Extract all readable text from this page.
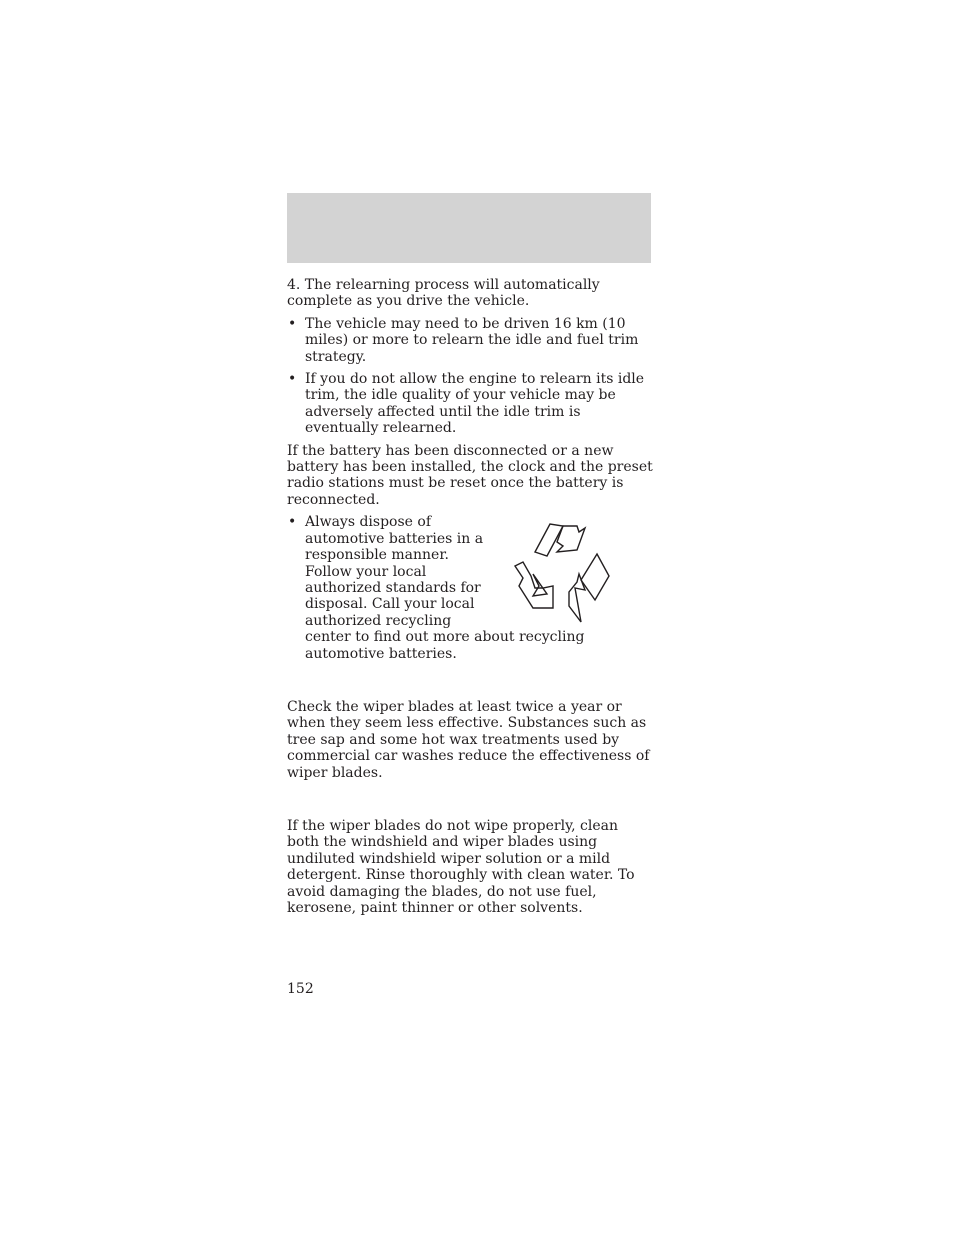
4. The relearning process will automatically complete as you drive the vehicle.

• The vehicle may need to be driven 16 km (10 miles) or more to relearn the idle and fuel trim strategy.
• If you do not allow the engine to relearn its idle trim, the idle quality of your vehicle may be adversely affected until the idle trim is eventually relearned.

If the battery has been disconnected or a new battery has been installed, the clock and the preset radio stations must be reset once the battery is reconnected.

• Always dispose of automotive batteries in a responsible manner. Follow your local authorized standards for disposal. Call your local authorized recycling center to find out more about recycling automotive batteries.

Check the wiper blades at least twice a year or when they seem less effective. Substances such as tree sap and some hot wax treatments used by commercial car washes reduce the effectiveness of wiper blades.

If the wiper blades do not wipe properly, clean both the windshield and wiper blades using undiluted windshield wiper solution or a mild detergent. Rinse thoroughly with clean water. To avoid damaging the blades, do not use fuel, kerosene, paint thinner or other solvents.

152
